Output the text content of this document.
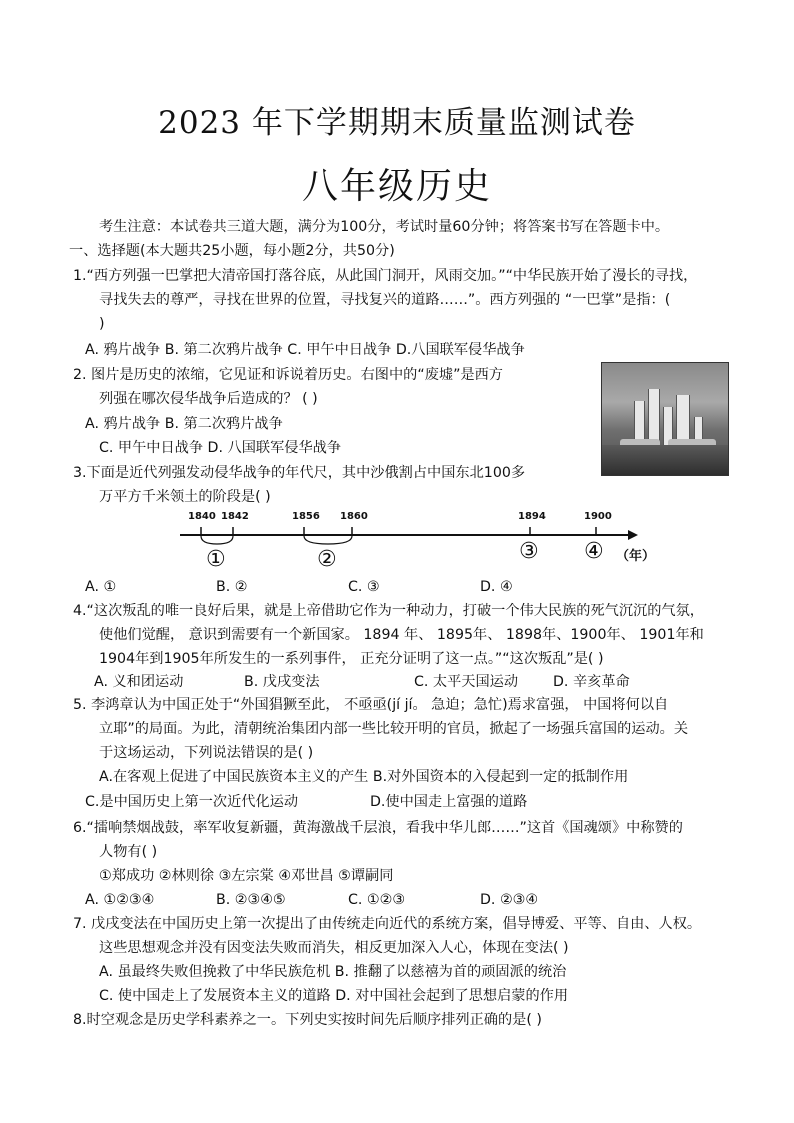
2023 年下学期期末质量监测试卷
八年级历史
考生注意：本试卷共三道大题，满分为100分，考试时量60分钟；将答案书写在答题卡中。
一、选择题(本大题共25小题，每小题2分，共50分)
1.“西方列强一巴掌把大清帝国打落谷底，从此国门洞开，风雨交加。”“中华民族开始了漫长的寻找，
寻找失去的尊严，寻找在世界的位置，寻找复兴的道路……”。西方列强的 “一巴掌”是指：(
)
A. 鸦片战争 B. 第二次鸦片战争 C. 甲午中日战争 D.八国联军侵华战争
2. 图片是历史的浓缩，它见证和诉说着历史。右图中的“废墟”是西方
列强在哪次侵华战争后造成的？ ( )
A. 鸦片战争 B. 第二次鸦片战争
C. 甲午中日战争 D. 八国联军侵华战争
3.下面是近代列强发动侵华战争的年代尺，其中沙俄割占中国东北100多
万平方千米领土的阶段是( )
1840 1842	1856 1860	1894	1900
①	②	③ ④ （年）
A. ①	B. ②	C. ③	D. ④
4.“这次叛乱的唯一良好后果，就是上帝借助它作为一种动力，打破一个伟大民族的死气沉沉的气氛，
使他们觉醒， 意识到需要有一个新国家。 1894 年、 1895年、 1898年、1900年、 1901年和
1904年到1905年所发生的一系列事件， 正充分证明了这一点。”“这次叛乱”是( )
A. 义和团运动	B. 戊戌变法	C. 太平天国运动 D. 辛亥革命
5. 李鸿章认为中国正处于“外国猖獗至此， 不亟亟(jí jí。 急迫；急忙)焉求富强， 中国将何以自
立耶”的局面。为此，清朝统治集团内部一些比较开明的官员，掀起了一场强兵富国的运动。关
于这场运动，下列说法错误的是( )
A.在客观上促进了中国民族资本主义的产生 B.对外国资本的入侵起到一定的抵制作用
C.是中国历史上第一次近代化运动	D.使中国走上富强的道路
6.“擂响禁烟战鼓，率军收复新疆，黄海激战千层浪，看我中华儿郎……”这首《国魂颂》中称赞的
人物有( )
①郑成功 ②林则徐 ③左宗棠 ④邓世昌 ⑤谭嗣同
A. ①②③④	B. ②③④⑤	C. ①②③	D. ②③④
7. 戊戌变法在中国历史上第一次提出了由传统走向近代的系统方案，倡导博爱、平等、自由、人权。
这些思想观念并没有因变法失败而消失，相反更加深入人心，体现在变法( )
A. 虽最终失败但挽救了中华民族危机 B. 推翻了以慈禧为首的顽固派的统治
C. 使中国走上了发展资本主义的道路 D. 对中国社会起到了思想启蒙的作用
8.时空观念是历史学科素养之一。下列史实按时间先后顺序排列正确的是( )
